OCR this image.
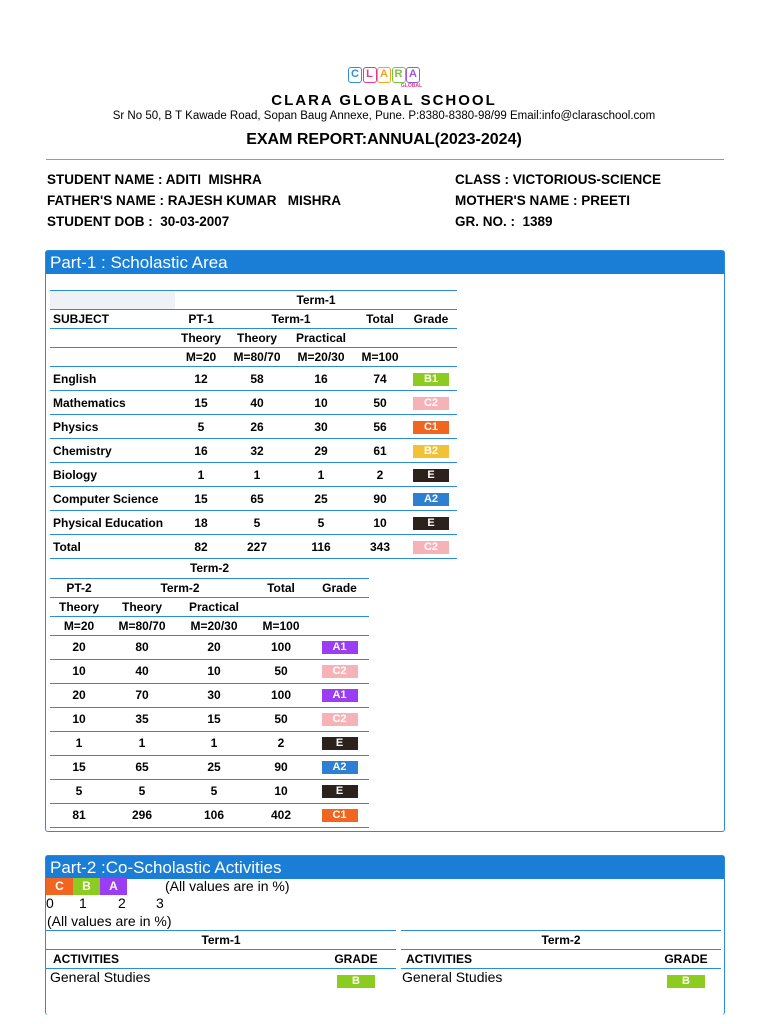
C L A R A
GLOBAL
CLARA GLOBAL SCHOOL
Sr No 50, B T Kawade Road, Sopan Baug Annexe, Pune. P:8380-8380-98/99 Email:info@claraschool.com
EXAM REPORT:ANNUAL(2023-2024)
STUDENT NAME : ADITI  MISHRA
FATHER'S NAME : RAJESH KUMAR   MISHRA
STUDENT DOB :  30-03-2007
CLASS : VICTORIOUS-SCIENCE
MOTHER'S NAME : PREETI
GR. NO. :  1389
Part-1 : Scholastic Area
	Term-1				
SUBJECT	PT-1	Term-1		Total	Grade
	Theory	Theory	Practical		
	M=20	M=80/70	M=20/30	M=100	
English	12	58	16	74	B1
Mathematics	15	40	10	50	C2
Physics	5	26	30	56	C1
Chemistry	16	32	29	61	B2
Biology	1	1	1	2	E
Computer Science	15	65	25	90	A2
Physical Education	18	5	5	10	E
Total	82	227	116	343	C2
Term-2				
PT-2	Term-2		Total	Grade
Theory	Theory	Practical		
M=20	M=80/70	M=20/30	M=100	
20	80	20	100	A1
10	40	10	50	C2
20	70	30	100	A1
10	35	15	50	C2
1	1	1	2	E
15	65	25	90	A2
5	5	5	10	E
81	296	106	402	C1
Part-2 :Co-Scholastic Activities
C	B	A	(All values are in %)
0 1 2 3
(All values are in %)
Term-1	
ACTIVITIES	GRADE
General Studies	B
Term-2	
ACTIVITIES	GRADE
General Studies	B
